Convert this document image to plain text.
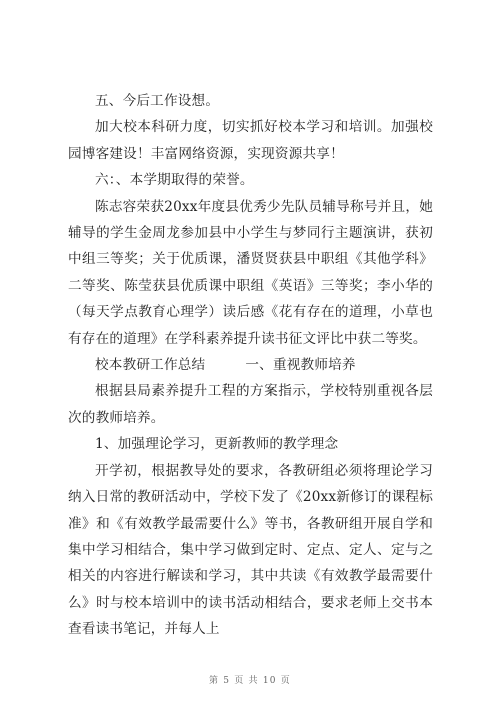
五、今后工作设想。

加大校本科研力度，切实抓好校本学习和培训。加强校园博客建设！丰富网络资源，实现资源共享！

六：、本学期取得的荣誉。

陈志容荣获20xx年度县优秀少先队员辅导称号并且，她辅导的学生金周龙参加县中小学生与梦同行主题演讲，获初中组三等奖；关于优质课，潘贤贤获县中职组《其他学科》二等奖、陈莹获县优质课中职组《英语》三等奖；李小华的（每天学点教育心理学）读后感《花有存在的道理，小草也有存在的道理》在学科素养提升读书征文评比中获二等奖。

校本教研工作总结	一、重视教师培养

根据县局素养提升工程的方案指示，学校特别重视各层次的教师培养。

1、加强理论学习，更新教师的教学理念

开学初，根据教导处的要求，各教研组必须将理论学习纳入日常的教研活动中，学校下发了《20xx新修订的课程标准》和《有效教学最需要什么》等书，各教研组开展自学和集中学习相结合，集中学习做到定时、定点、定人、定与之相关的内容进行解读和学习，其中共读《有效教学最需要什么》时与校本培训中的读书活动相结合，要求老师上交书本查看读书笔记，并每人上

第 5 页 共 10 页
